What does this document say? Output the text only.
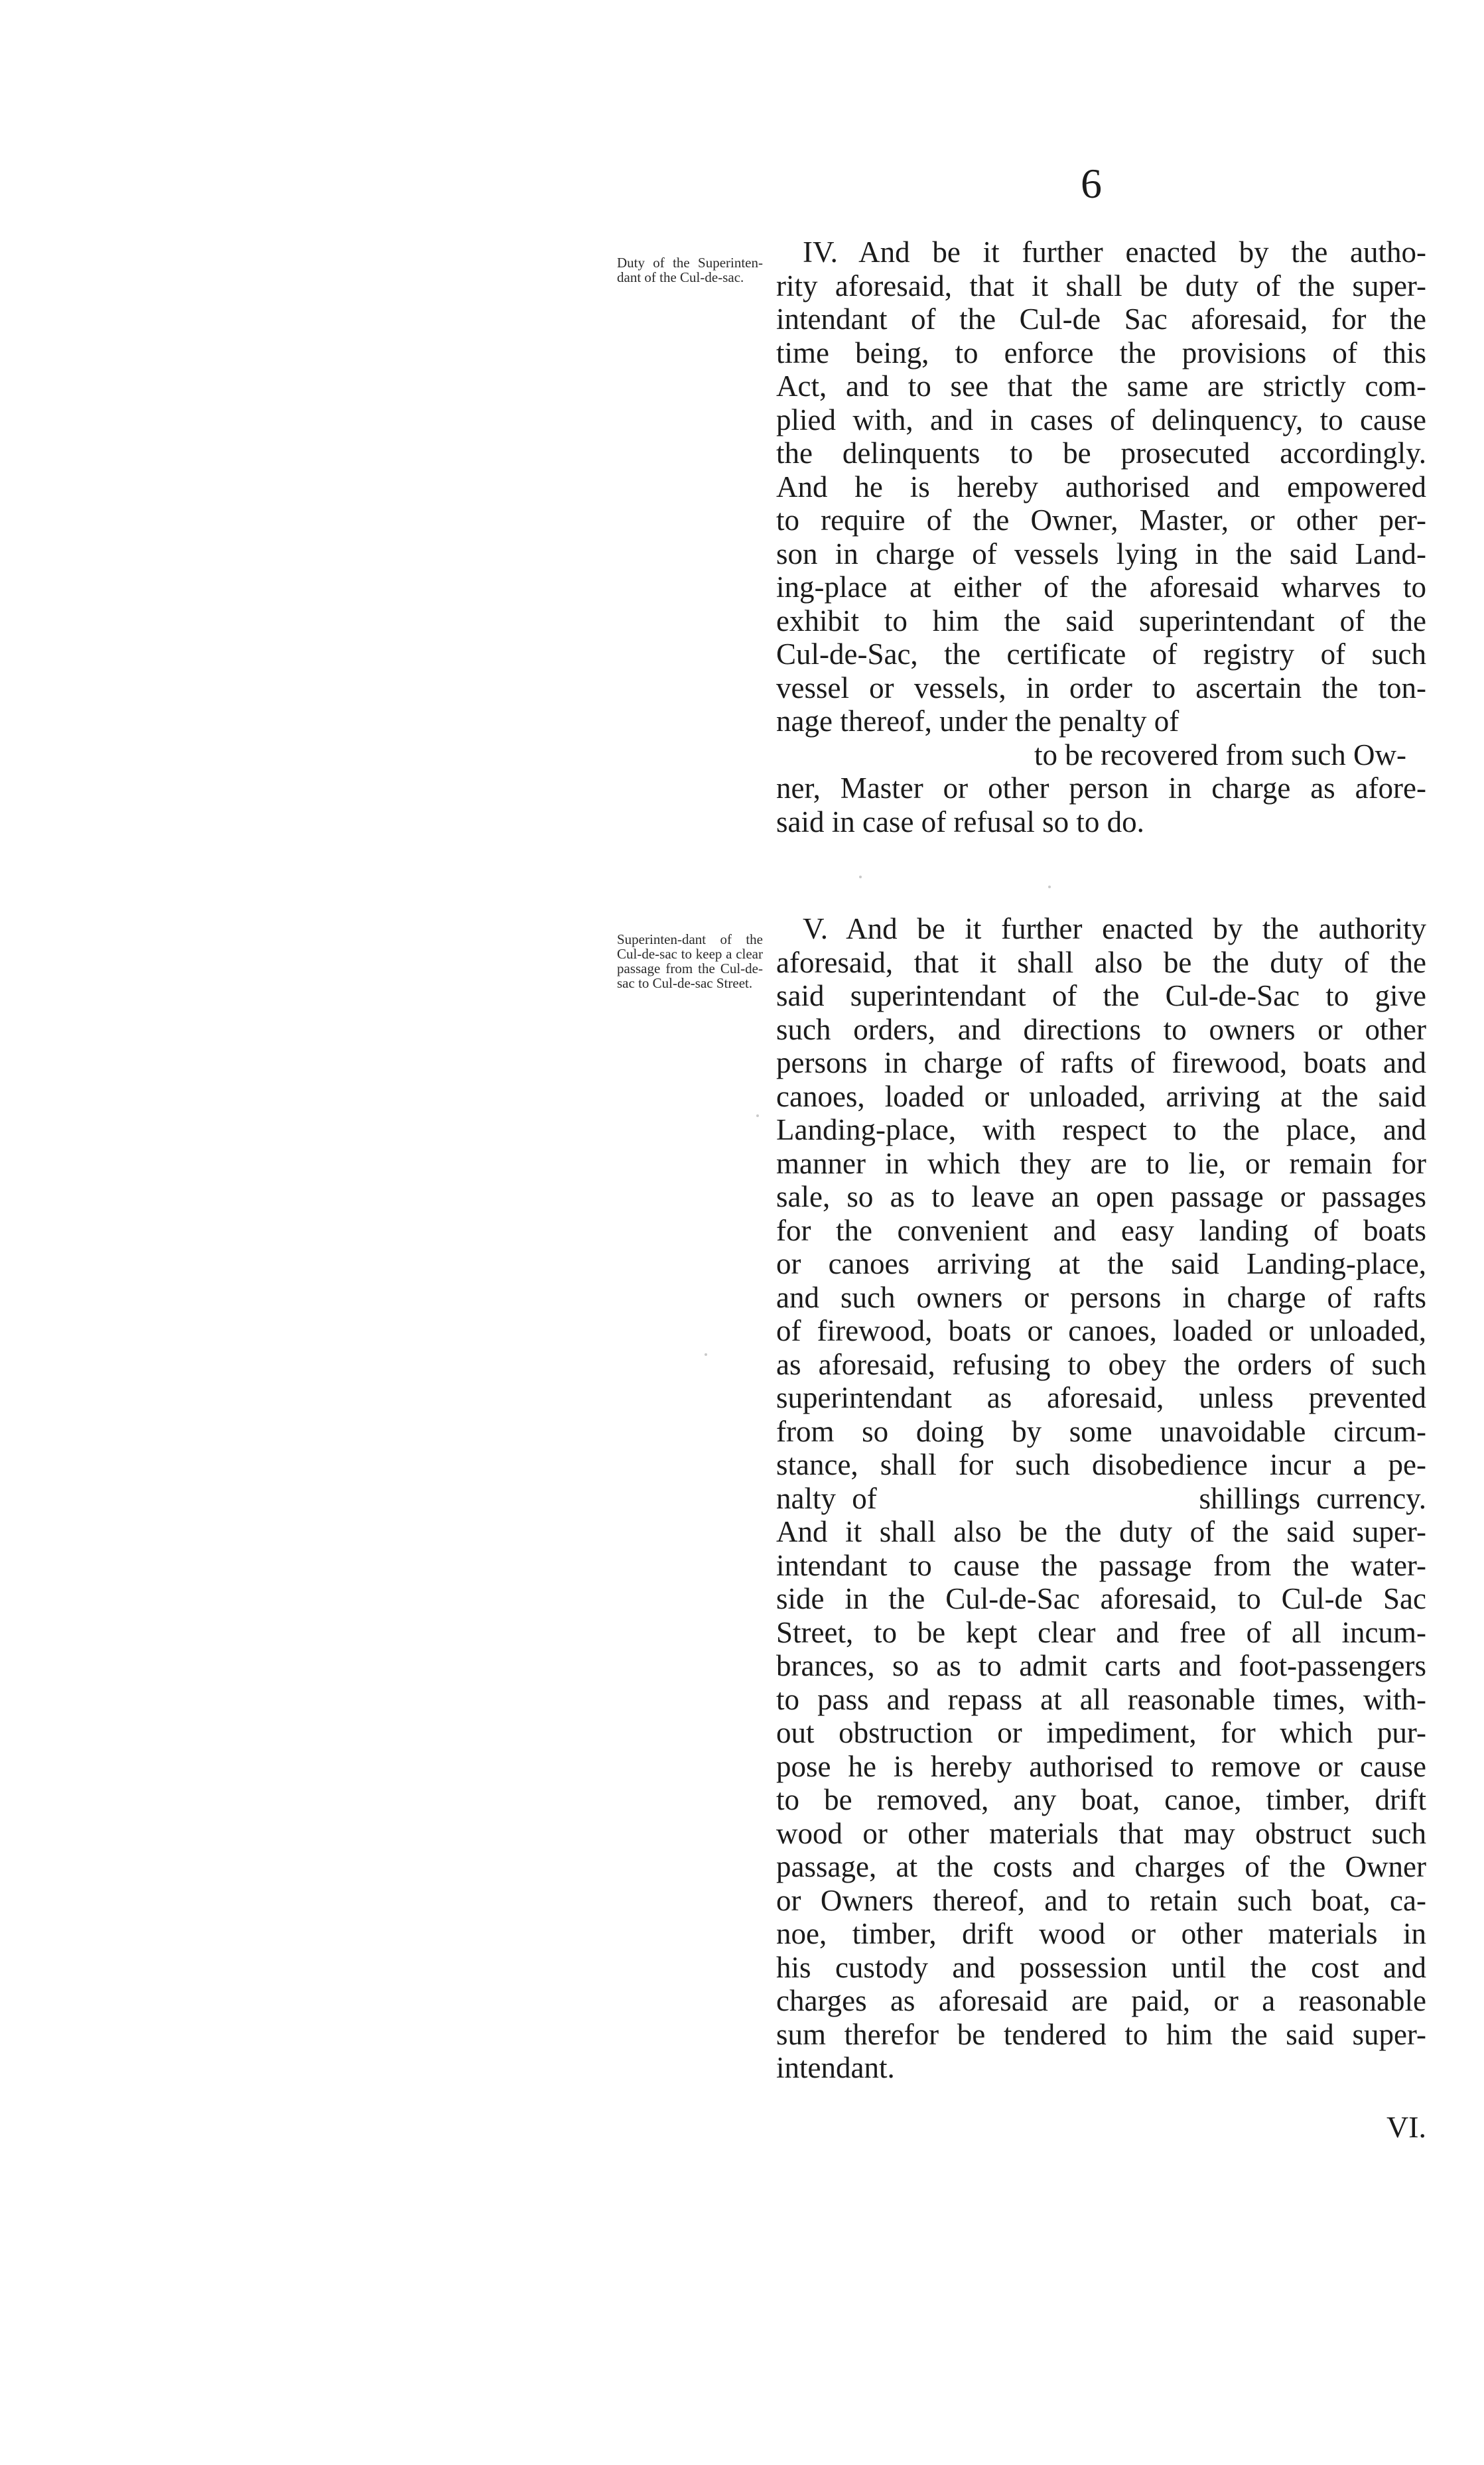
6
Duty of the Superinten-dant of the Cul-de-sac.
Superinten-dant of the Cul-de-sac to keep a clear passage from the Cul-de-sac to Cul-de-sac Street.
IV. And be it further enacted by the autho-
rity aforesaid, that it shall be duty of the super-
intendant of the Cul-de Sac aforesaid, for the
time being, to enforce the provisions of this
Act, and to see that the same are strictly com-
plied with, and in cases of delinquency, to cause
the delinquents to be prosecuted accordingly.
And he is hereby authorised and empowered
to require of the Owner, Master, or other per-
son in charge of vessels lying in the said Land-
ing-place at either of the aforesaid wharves to
exhibit to him the said superintendant of the
Cul-de-Sac, the certificate of registry of such
vessel or vessels, in order to ascertain the ton-
nage thereof, under the penalty of
to be recovered from such Ow-
ner, Master or other person in charge as afore-
said in case of refusal so to do.
V. And be it further enacted by the authority
aforesaid, that it shall also be the duty of the
said superintendant of the Cul-de-Sac to give
such orders, and directions to owners or other
persons in charge of rafts of firewood, boats and
canoes, loaded or unloaded, arriving at the said
Landing-place, with respect to the place, and
manner in which they are to lie, or remain for
sale, so as to leave an open passage or passages
for the convenient and easy landing of boats
or canoes arriving at the said Landing-place,
and such owners or persons in charge of rafts
of firewood, boats or canoes, loaded or unloaded,
as aforesaid, refusing to obey the orders of such
superintendant as aforesaid, unless prevented
from so doing by some unavoidable circum-
stance, shall for such disobedience incur a pe-
nalty of                    shillings currency.
And it shall also be the duty of the said super-
intendant to cause the passage from the water-
side in the Cul-de-Sac aforesaid, to Cul-de Sac
Street, to be kept clear and free of all incum-
brances, so as to admit carts and foot-passengers
to pass and repass at all reasonable times, with-
out obstruction or impediment, for which pur-
pose he is hereby authorised to remove or cause
to be removed, any boat, canoe, timber, drift
wood or other materials that may obstruct such
passage, at the costs and charges of the Owner
or Owners thereof, and to retain such boat, ca-
noe, timber, drift wood or other materials in
his custody and possession until the cost and
charges as aforesaid are paid, or a reasonable
sum therefor be tendered to him the said super-
intendant.
VI.
